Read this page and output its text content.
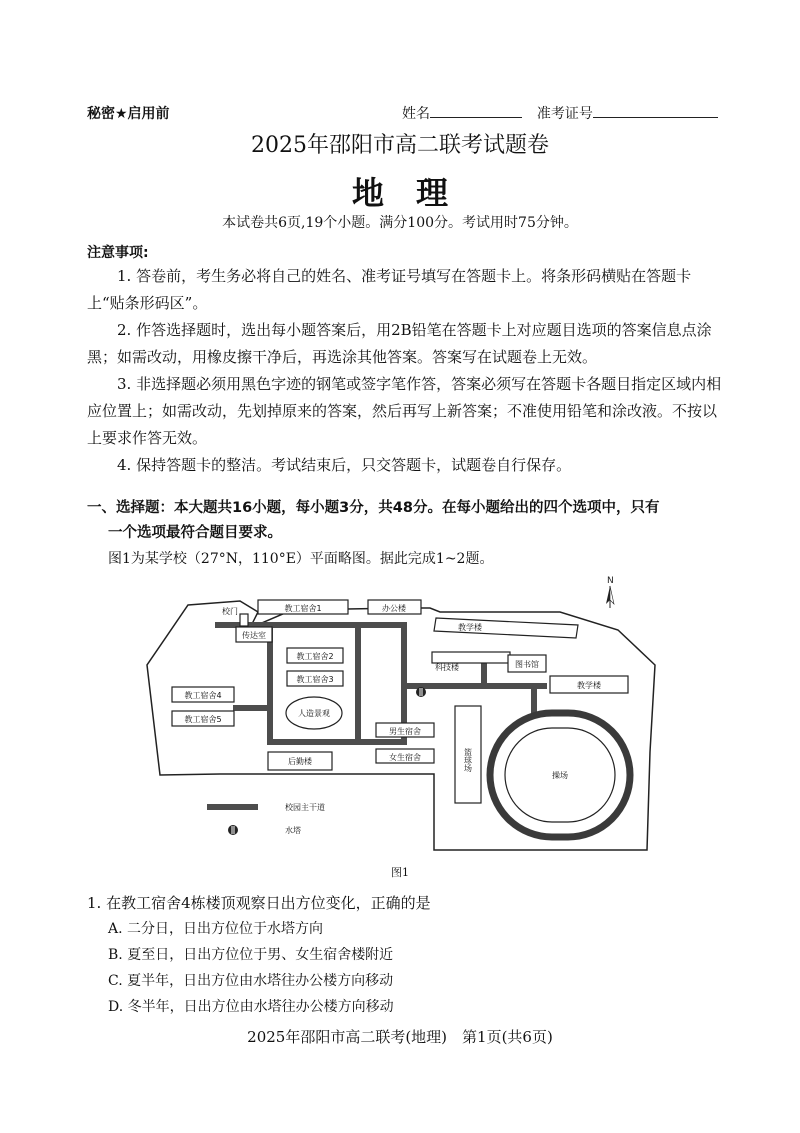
秘密★启用前	姓名	准考证号
2025年邵阳市高二联考试题卷
地　理
本试卷共6页,19个小题。满分100分。考试用时75分钟。
注意事项:
1. 答卷前，考生务必将自己的姓名、准考证号填写在答题卡上。将条形码横贴在答题卡上“贴条形码区”。
2. 作答选择题时，选出每小题答案后，用2B铅笔在答题卡上对应题目选项的答案信息点涂黑；如需改动，用橡皮擦干净后，再选涂其他答案。答案写在试题卷上无效。
3. 非选择题必须用黑色字迹的钢笔或签字笔作答，答案必须写在答题卡各题目指定区域内相应位置上；如需改动，先划掉原来的答案，然后再写上新答案；不准使用铅笔和涂改液。不按以上要求作答无效。
4. 保持答题卡的整洁。考试结束后，只交答题卡，试题卷自行保存。
一、选择题：本大题共16小题，每小题3分，共48分。在每小题给出的四个选项中，只有
一个选项最符合题目要求。
图1为某学校（27°N，110°E）平面略图。据此完成1~2题。
N
校门	教工宿舍1	办公楼
传达室
教学楼
教工宿舍2
教工宿舍3
科技楼	图书馆
教工宿舍4
教学楼
教工宿舍5
人造景观
男生宿舍
后勤楼	女生宿舍
操场
篮球场
校园主干道
水塔
图1
1. 在教工宿舍4栋楼顶观察日出方位变化，正确的是
A. 二分日，日出方位位于水塔方向
B. 夏至日，日出方位位于男、女生宿舍楼附近
C. 夏半年，日出方位由水塔往办公楼方向移动
D. 冬半年，日出方位由水塔往办公楼方向移动
2025年邵阳市高二联考(地理)　第1页(共6页)
